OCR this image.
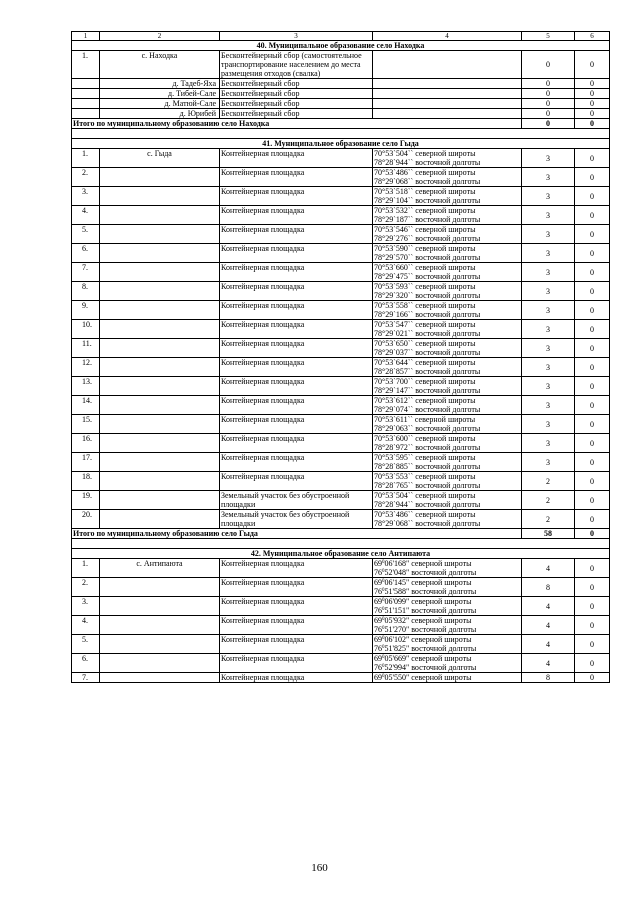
1	2	3	4	5	6
40. Муниципальное образование село Находка					
1.	с. Находка	Бесконтейнерный сбор (самостоятельное транспортирование населением до места размещения отходов (свалка)		0	0
	д. Тадеб-Яха	Бесконтейнерный сбор		0	0
	д. Тибей-Сале	Бесконтейнерный сбор		0	0
	д. Матюй-Сале	Бесконтейнерный сбор		0	0
	д. Юрибей	Бесконтейнерный сбор		0	0
Итого по муниципальному образованию село Находка				0	0

41. Муниципальное образование село Гыда					
1.	с. Гыда	Контейнерная площадка	70°53`504`` северной широты
78°28`944`` восточной долготы	3	0
2.		Контейнерная площадка	70°53`486`` северной широты
78°29`068`` восточной долготы	3	0
3.		Контейнерная площадка	70°53`518`` северной широты
78°29`104`` восточной долготы	3	0
4.		Контейнерная площадка	70°53`532`` северной широты
78°29`187`` восточной долготы	3	0
5.		Контейнерная площадка	70°53`546`` северной широты
78°29`276`` восточной долготы	3	0
6.		Контейнерная площадка	70°53`590`` северной широты
78°29`570`` восточной долготы	3	0
7.		Контейнерная площадка	70°53`660`` северной широты
78°29`475`` восточной долготы	3	0
8.		Контейнерная площадка	70°53`593`` северной широты
78°29`320`` восточной долготы	3	0
9.		Контейнерная площадка	70°53`558`` северной широты
78°29`166`` восточной долготы	3	0
10.		Контейнерная площадка	70°53`547`` северной широты
78°29`021`` восточной долготы	3	0
11.		Контейнерная площадка	70°53`650`` северной широты
78°29`037`` восточной долготы	3	0
12.		Контейнерная площадка	70°53`644`` северной широты
78°28`857`` восточной долготы	3	0
13.		Контейнерная площадка	70°53`700`` северной широты
78°29`147`` восточной долготы	3	0
14.		Контейнерная площадка	70°53`612`` северной широты
78°29`074`` восточной долготы	3	0
15.		Контейнерная площадка	70°53`611`` северной широты
78°29`063`` восточной долготы	3	0
16.		Контейнерная площадка	70°53`600`` северной широты
78°28`972`` восточной долготы	3	0
17.		Контейнерная площадка	70°53`595`` северной широты
78°28`885`` восточной долготы	3	0
18.		Контейнерная площадка	70°53`553`` северной широты
78°28`765`` восточной долготы	2	0
19.		Земельный участок без обустроенной площадки	70°53`504`` северной широты
78°28`944`` восточной долготы	2	0
20.		Земельный участок без обустроенной площадки	70°53`486`` северной широты
78°29`068`` восточной долготы	2	0
Итого по муниципальному образованию село Гыда				58	0

42. Муниципальное образование село Антипаюта					
1.	с. Антипаюта	Контейнерная площадка	$69^006'168$" северной широты
$76^052'048$" восточной долготы	4	0
2.		Контейнерная площадка	$69^006'145$" северной широты
$76^051'588$" восточной долготы	8	0
3.		Контейнерная площадка	$69^006'099$" северной широты
$76^051'151$" восточной долготы	4	0
4.		Контейнерная площадка	$69^005'932$" северной широты
$76^051'270$" восточной долготы	4	0
5.		Контейнерная площадка	$69^006'102$" северной широты
$76^051'825$" восточной долготы	4	0
6.		Контейнерная площадка	$69^005'669$" северной широты
$76^052'994$" восточной долготы	4	0
7.		Контейнерная площадка	$69^005'550$" северной широты	8	0
160
